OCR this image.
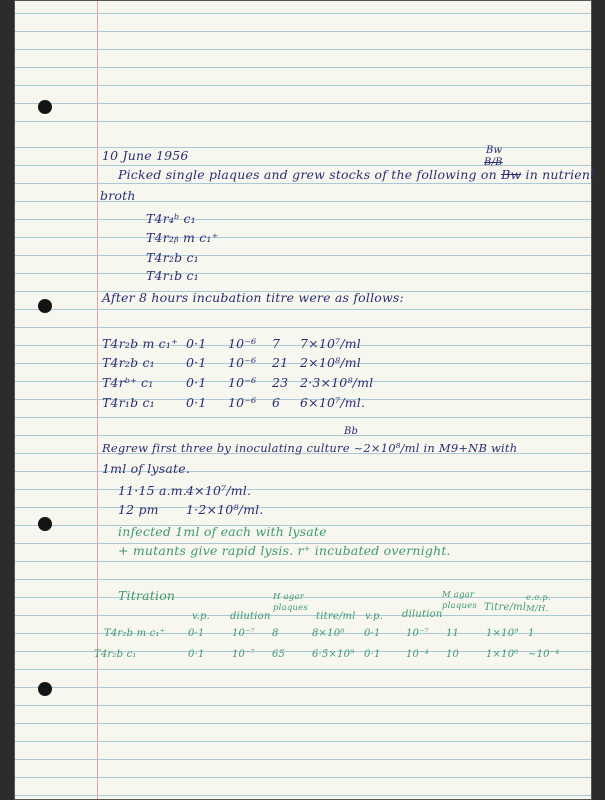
10 June 1956	Bw
B/B
Picked single plaques and grew stocks of the following on Bw in nutrient
broth
T4r₄ᵇ c₁
T4r₂ᵦ m c₁⁺
T4r₂b c₁
T4r₁b c₁
After 8 hours incubation titre were as follows:
T4r₂b m c₁⁺ 0·1 10⁻⁶ 7 7×10⁷/ml
T4r₂b c₁ 0·1 10⁻⁶ 21 2×10⁸/ml
T4rᵇ⁺ c₁	0·1 10⁻⁶ 23 2·3×10⁸/ml
T4r₁b c₁ 0·1 10⁻⁶ 6 6×10⁷/ml.
Bb
Regrew first three by inoculating culture ~2×10⁸/ml in M9+NB with
1ml of lysate.
11·15 a.m.4×10⁷/ml.
12 pm 1·2×10⁸/ml.
infected 1ml of each with lysate
+ mutants give rapid lysis. r⁺ incubated overnight.
Titration
v.p. dilution
H agar plaques
titre/ml v.p. dilution
M agar plaques Titre/ml
e.o.p. M/H.
T4r₂b m c₁⁺ 0·1	10⁻⁷ 8	8×10⁸ 0·1	10⁻⁷ 11	1×10⁹ 1
T4r₂b c₁	0·1	10⁻⁷ 65	6·5×10⁹ 0·1	10⁻⁴ 10	1×10⁶ ~10⁻⁴
